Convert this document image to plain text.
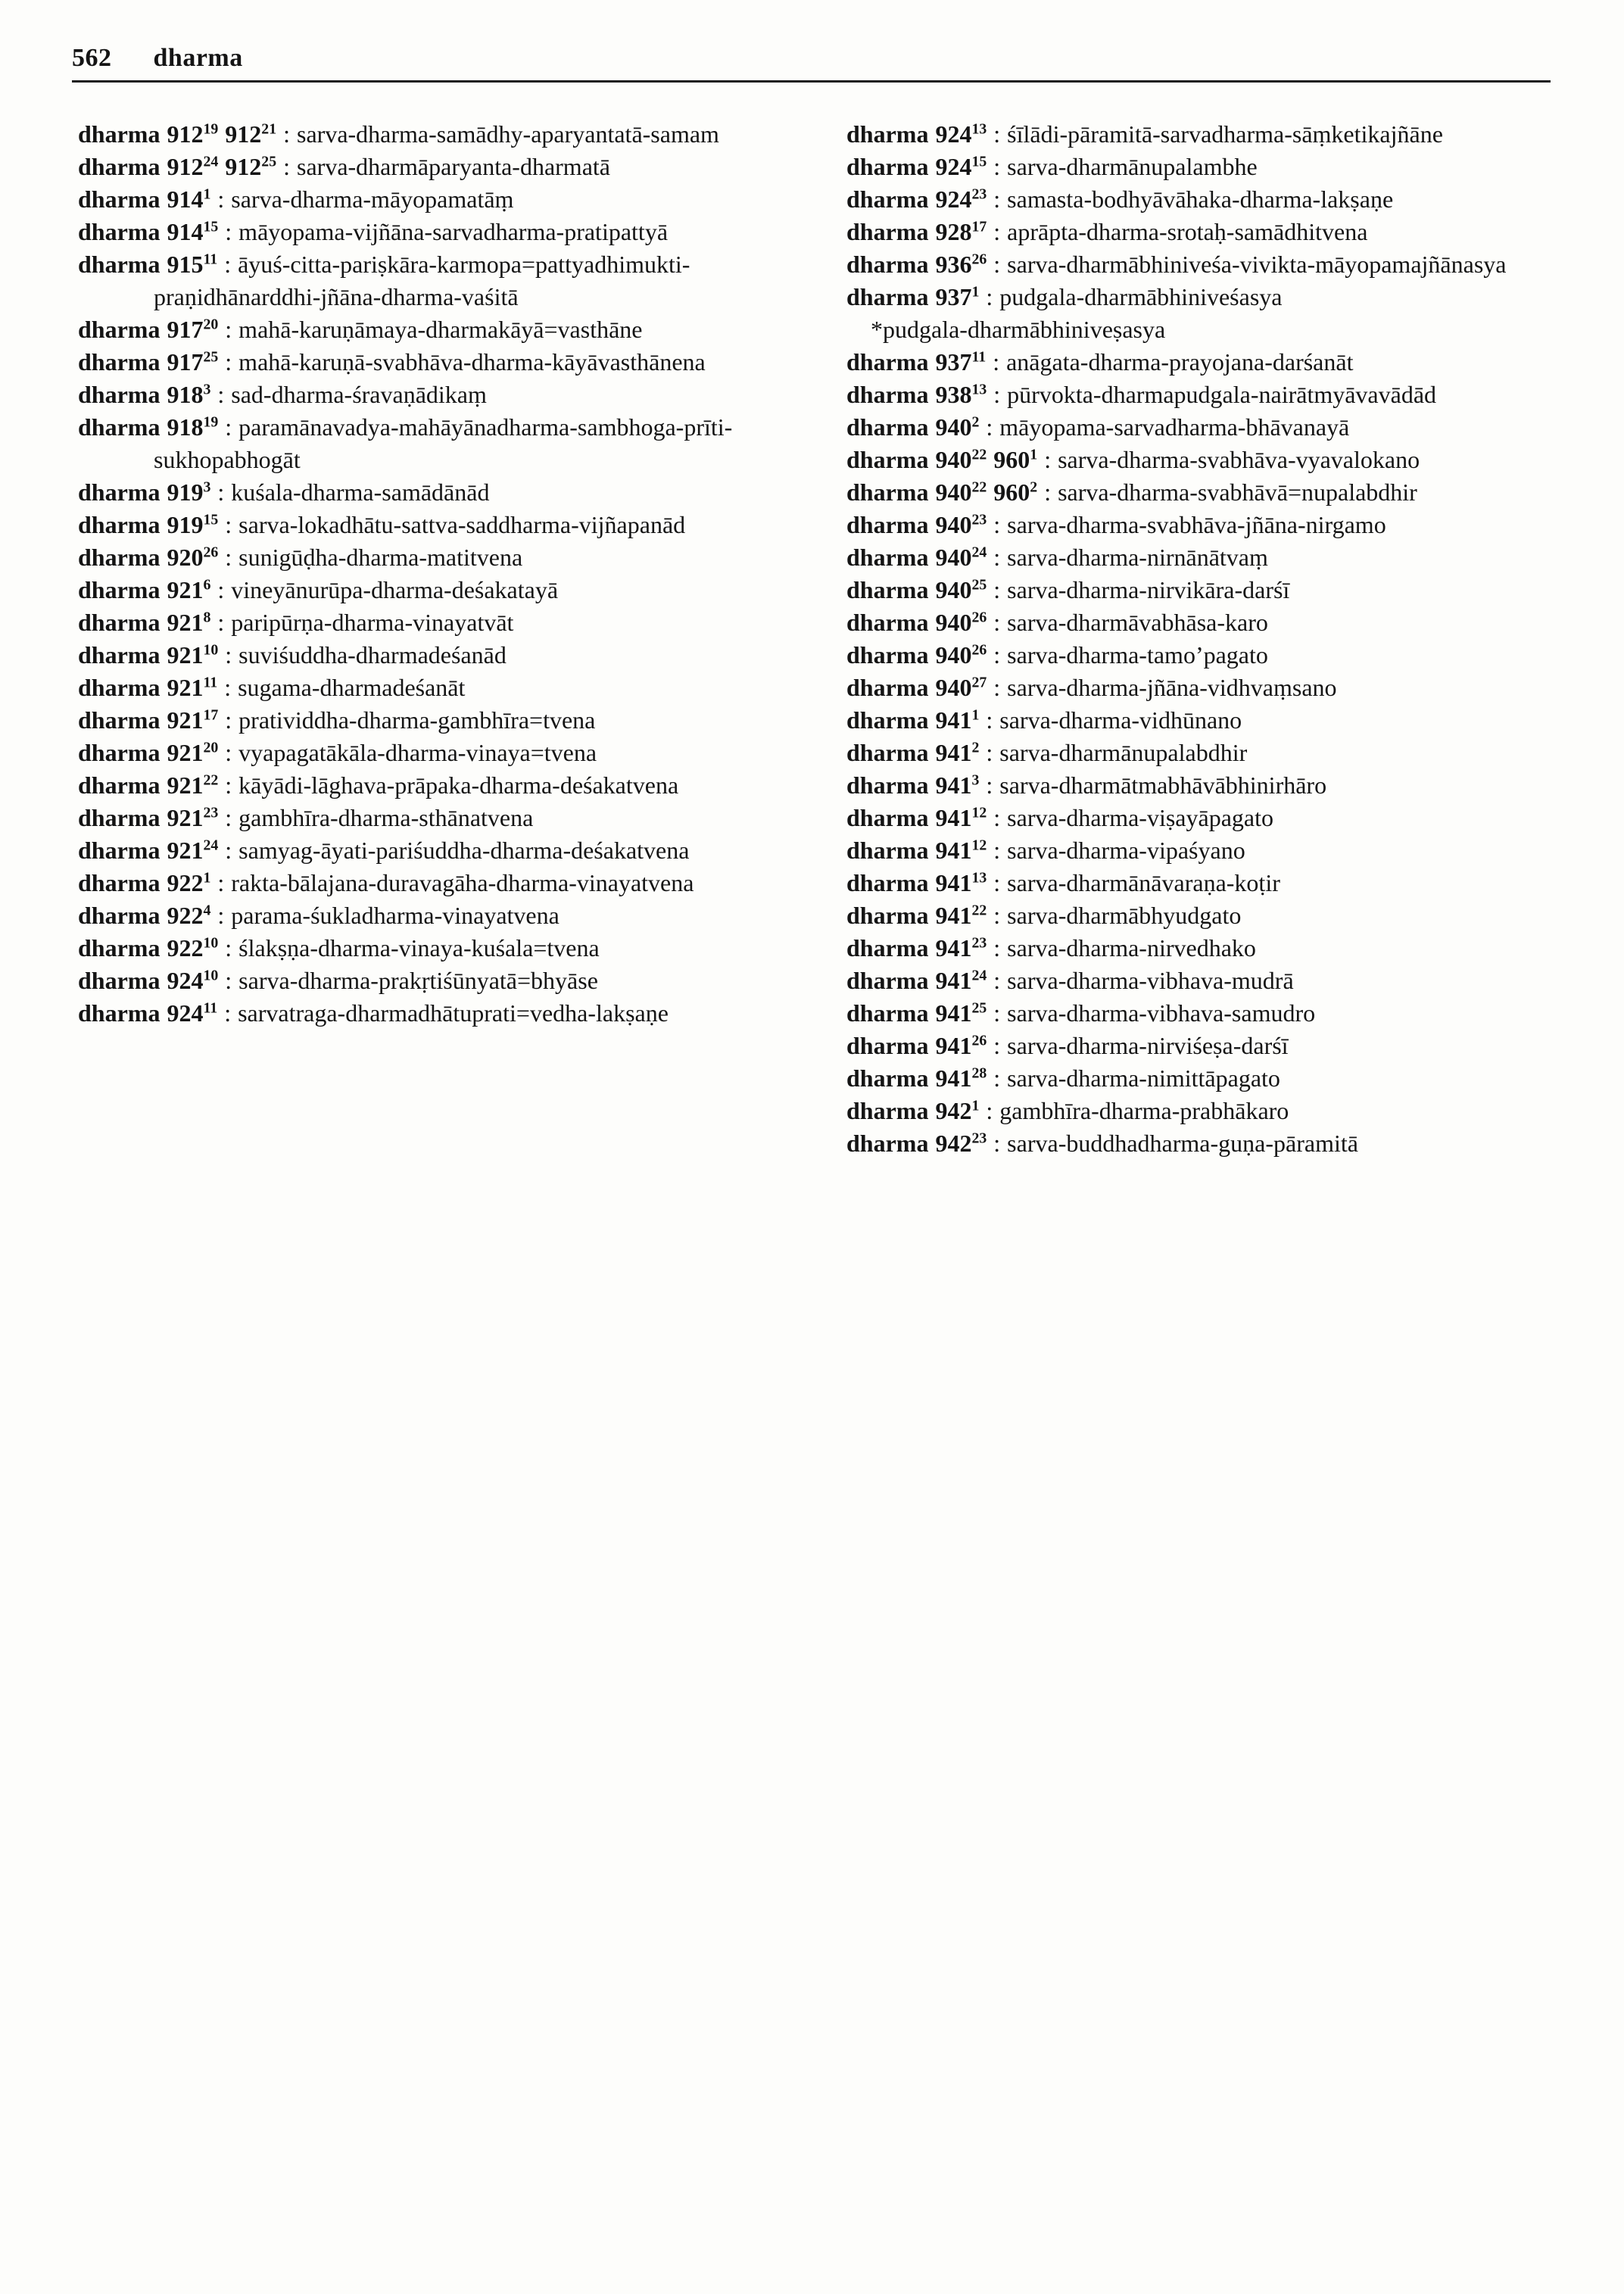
562 dharma

dharma $912^{19}$ $912^{21}$ : sarva-dharma-samādhy-aparyantatā-samam

dharma $912^{24}$ $912^{25}$ : sarva-dharmāparyanta-dharmatā

dharma $914^1$ : sarva-dharma-māyopamatāṃ

dharma $914^{15}$ : māyopama-vijñāna-sarvadharma-pratipattyā

dharma $915^{11}$ : āyuś-citta-pariṣkāra-karmopa=pattyadhimukti-praṇidhānarddhi-jñāna-dharma-vaśitā

dharma $917^{20}$ : mahā-karuṇāmaya-dharmakāyā=vasthāne

dharma $917^{25}$ : mahā-karuṇā-svabhāva-dharma-kāyāvasthānena

dharma $918^3$ : sad-dharma-śravaṇādikaṃ

dharma $918^{19}$ : paramānavadya-mahāyānadharma-sambhoga-prīti-sukhopabhogāt

dharma $919^3$ : kuśala-dharma-samādānād

dharma $919^{15}$ : sarva-lokadhātu-sattva-saddharma-vijñapanād

dharma $920^{26}$ : sunigūḍha-dharma-matitvena

dharma $921^6$ : vineyānurūpa-dharma-deśakatayā

dharma $921^8$ : paripūrṇa-dharma-vinayatvāt

dharma $921^{10}$ : suviśuddha-dharmadeśanād

dharma $921^{11}$ : sugama-dharmadeśanāt

dharma $921^{17}$ : pratividdha-dharma-gambhīra=tvena

dharma $921^{20}$ : vyapagatākāla-dharma-vinaya=tvena

dharma $921^{22}$ : kāyādi-lāghava-prāpaka-dharma-deśakatvena

dharma $921^{23}$ : gambhīra-dharma-sthānatvena

dharma $921^{24}$ : samyag-āyati-pariśuddha-dharma-deśakatvena

dharma $922^1$ : rakta-bālajana-duravagāha-dharma-vinayatvena

dharma $922^4$ : parama-śukladharma-vinayatvena

dharma $922^{10}$ : ślakṣṇa-dharma-vinaya-kuśala=tvena

dharma $924^{10}$ : sarva-dharma-prakṛtiśūnyatā=bhyāse

dharma $924^{11}$ : sarvatraga-dharmadhātuprati=vedha-lakṣaṇe

dharma $924^{13}$ : śīlādi-pāramitā-sarvadharma-sāṃketikajñāne

dharma $924^{15}$ : sarva-dharmānupalambhe

dharma $924^{23}$ : samasta-bodhyāvāhaka-dharma-lakṣaṇe

dharma $928^{17}$ : aprāpta-dharma-srotaḥ-samādhitvena

dharma $936^{26}$ : sarva-dharmābhiniveśa-vivikta-māyopamajñānasya

dharma $937^1$ : pudgala-dharmābhiniveśasya

*pudgala-dharmābhiniveṣasya

dharma $937^{11}$ : anāgata-dharma-prayojana-darśanāt

dharma $938^{13}$ : pūrvokta-dharmapudgala-nairātmyāvavādād

dharma $940^2$ : māyopama-sarvadharma-bhāvanayā

dharma $940^{22}$ $960^1$ : sarva-dharma-svabhāva-vyavalokano

dharma $940^{22}$ $960^2$ : sarva-dharma-svabhāvā=nupalabdhir

dharma $940^{23}$ : sarva-dharma-svabhāva-jñāna-nirgamo

dharma $940^{24}$ : sarva-dharma-nirnānātvaṃ

dharma $940^{25}$ : sarva-dharma-nirvikāra-darśī

dharma $940^{26}$ : sarva-dharmāvabhāsa-karo

dharma $940^{26}$ : sarva-dharma-tamo’pagato

dharma $940^{27}$ : sarva-dharma-jñāna-vidhvaṃsano

dharma $941^1$ : sarva-dharma-vidhūnano

dharma $941^2$ : sarva-dharmānupalabdhir

dharma $941^3$ : sarva-dharmātmabhāvābhinirhāro

dharma $941^{12}$ : sarva-dharma-viṣayāpagato

dharma $941^{12}$ : sarva-dharma-vipaśyano

dharma $941^{13}$ : sarva-dharmānāvaraṇa-koṭir

dharma $941^{22}$ : sarva-dharmābhyudgato

dharma $941^{23}$ : sarva-dharma-nirvedhako

dharma $941^{24}$ : sarva-dharma-vibhava-mudrā

dharma $941^{25}$ : sarva-dharma-vibhava-samudro

dharma $941^{26}$ : sarva-dharma-nirviśeṣa-darśī

dharma $941^{28}$ : sarva-dharma-nimittāpagato

dharma $942^1$ : gambhīra-dharma-prabhākaro

dharma $942^{23}$ : sarva-buddhadharma-guṇa-pāramitā
